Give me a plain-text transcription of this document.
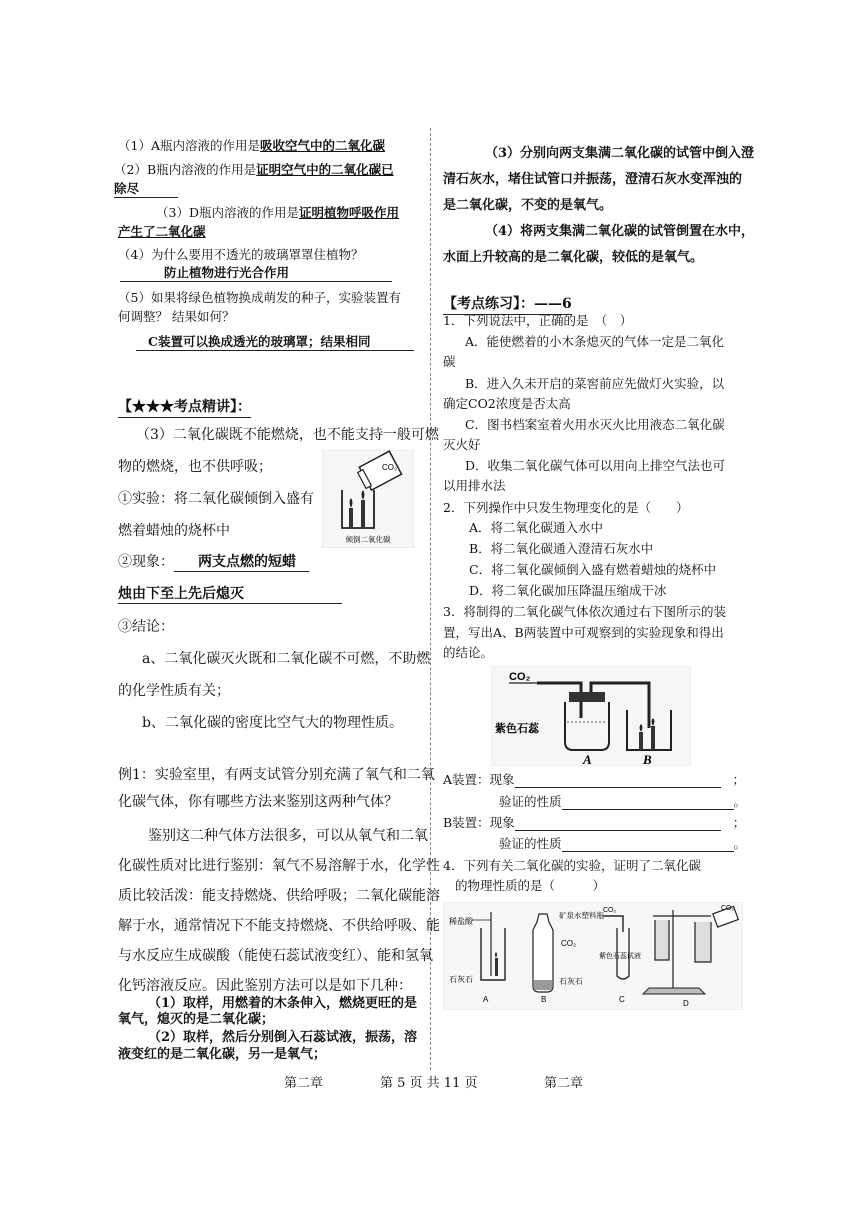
（1）A瓶内溶液的作用是吸收空气中的二氧化碳
（2）B瓶内溶液的作用是证明空气中的二氧化碳已
除尽
（3）D瓶内溶液的作用是证明植物呼吸作用
产生了二氧化碳
（4）为什么要用不透光的玻璃罩罩住植物？
防止植物进行光合作用
（5）如果将绿色植物换成萌发的种子，实验装置有
何调整？ 结果如何？
C装置可以换成透光的玻璃罩；结果相同
【★★★考点精讲】：
（3）二氧化碳既不能燃烧，也不能支持一般可燃
物的燃烧，也不供呼吸；
①实验：将二氧化碳倾倒入盛有
燃着蜡烛的烧杯中
CO₂
倾倒二氧化碳
②现象： 两支点燃的短蜡
烛由下至上先后熄灭
③结论：
a、二氧化碳灭火既和二氧化碳不可燃，不助燃
的化学性质有关；
b、二氧化碳的密度比空气大的物理性质。
例1：实验室里，有两支试管分别充满了氧气和二氧
化碳气体，你有哪些方法来鉴别这两种气体？
鉴别这二种气体方法很多，可以从氧气和二氧
化碳性质对比进行鉴别：氧气不易溶解于水，化学性
质比较活泼：能支持燃烧、供给呼吸；二氧化碳能溶
解于水，通常情况下不能支持燃烧、不供给呼吸、能
与水反应生成碳酸（能使石蕊试液变红）、能和氢氧
化钙溶液反应。因此鉴别方法可以是如下几种：
（1）取样，用燃着的木条伸入，燃烧更旺的是
氧气，熄灭的是二氧化碳；
（3）分别向两支集满二氧化碳的试管中倒入澄
清石灰水，堵住试管口并振荡，澄清石灰水变浑浊的
是二氧化碳，不变的是氧气。
（4）将两支集满二氧化碳的试管倒置在水中，
水面上升较高的是二氧化碳，较低的是氧气。
【考点练习】：——6
1．下列说法中，正确的是　（　）
A．能使燃着的小木条熄灭的气体一定是二氧化
碳
B．进入久未开启的菜窖前应先做灯火实验，以
确定CO2浓度是否太高
C．图书档案室着火用水灭火比用液态二氧化碳
灭火好
D．收集二氧化碳气体可以用向上排空气法也可
以用排水法
2．下列操作中只发生物理变化的是（　　）
A．将二氧化碳通入水中
B．将二氧化碳通入澄清石灰水中
C．将二氧化碳倾倒入盛有燃着蜡烛的烧杯中
D．将二氧化碳加压降温压缩成干冰
3．将制得的二氧化碳气体依次通过右下图所示的装
置，写出A、B两装置中可观察到的实验现象和得出
的结论。
CO₂
紫色石蕊
A	B
A装置：现象	；
验证的性质	。
B装置：现象	；
验证的性质	。
4．下列有关二氧化碳的实验，证明了二氧化碳
的物理性质的是（　　　）
稀盐酸
石灰石
A
矿泉水塑料瓶
CO₂
石灰石
B
CO₂
紫色石蕊试液
C
CO₂
D
（2）取样，然后分别倒入石蕊试液，振荡，溶
第二章	第 5 页 共 11 页	第二章
液变红的是二氧化碳，另一是氧气；
